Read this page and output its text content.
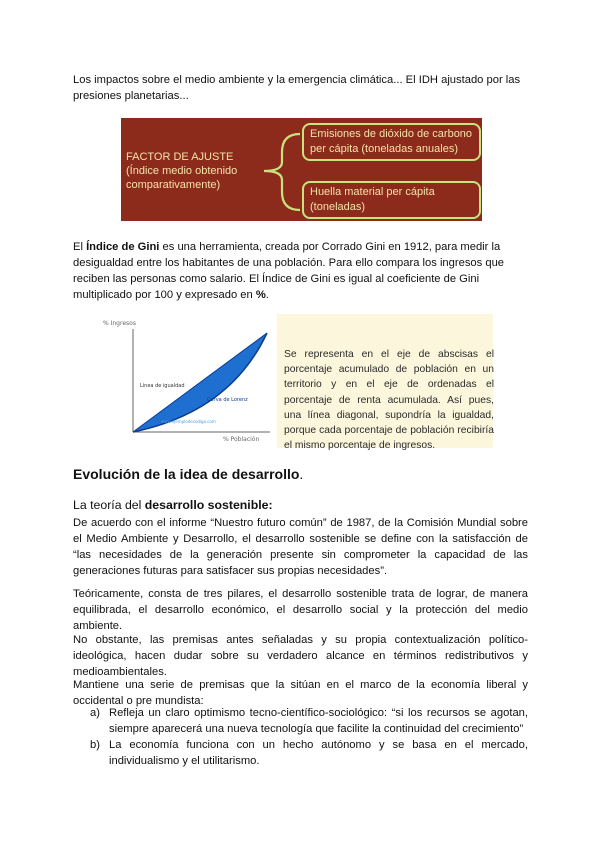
Los impactos sobre el medio ambiente y la emergencia climática... El IDH ajustado por las presiones planetarias...

FACTOR DE AJUSTE (Índice medio obtenido comparativamente)
Emisiones de dióxido de carbono per cápita (toneladas anuales)
Huella material per cápita (toneladas)

El Índice de Gini es una herramienta, creada por Corrado Gini en 1912, para medir la desigualdad entre los habitantes de una población. Para ello compara los ingresos que reciben las personas como salario. El Índice de Gini es igual al coeficiente de Gini multiplicado por 100 y expresado en %.

% Ingresos
% Población
Desigualdad
Línea de igualdad
Curva de Lorenz
www.ejemplodecodigo.com
Se representa en el eje de abscisas el porcentaje acumulado de población en un territorio y en el eje de ordenadas el porcentaje de renta acumulada. Así pues, una línea diagonal, supondría la igualdad, porque cada porcentaje de población recibiría el mismo porcentaje de ingresos.
Evolución de la idea de desarrollo.

La teoría del desarrollo sostenible:

De acuerdo con el informe “Nuestro futuro común” de 1987, de la Comisión Mundial sobre el Medio Ambiente y Desarrollo, el desarrollo sostenible se define con la satisfacción de “las necesidades de la generación presente sin comprometer la capacidad de las generaciones futuras para satisfacer sus propias necesidades”.

Teóricamente, consta de tres pilares, el desarrollo sostenible trata de lograr, de manera equilibrada, el desarrollo económico, el desarrollo social y la protección del medio ambiente.

No obstante, las premisas antes señaladas y su propia contextualización político-ideológica, hacen dudar sobre su verdadero alcance en términos redistributivos y medioambientales.

Mantiene una serie de premisas que la sitúan en el marco de la economía liberal y occidental o pre mundista:

a) Refleja un claro optimismo tecno-científico-sociológico: “si los recursos se agotan, siempre aparecerá una nueva tecnología que facilite la continuidad del crecimiento”
b) La economía funciona con un hecho autónomo y se basa en el mercado, individualismo y el utilitarismo.
